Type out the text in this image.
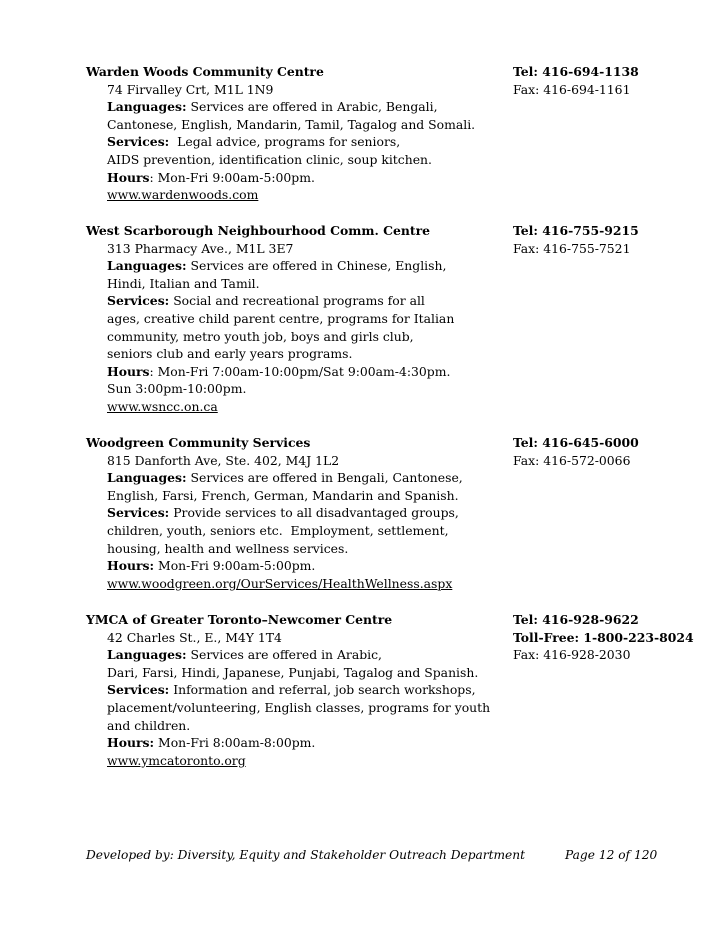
Warden Woods Community Centre	Tel: 416-694-1138
74 Firvalley Crt, M1L 1N9	Fax: 416-694-1161
Languages: Services are offered in Arabic, Bengali,
Cantonese, English, Mandarin, Tamil, Tagalog and Somali.
Services:  Legal advice, programs for seniors,
AIDS prevention, identification clinic, soup kitchen.
Hours: Mon-Fri 9:00am-5:00pm.
www.wardenwoods.com
West Scarborough Neighbourhood Comm. Centre	Tel: 416-755-9215
313 Pharmacy Ave., M1L 3E7	Fax: 416-755-7521
Languages: Services are offered in Chinese, English,
Hindi, Italian and Tamil.
Services: Social and recreational programs for all
ages, creative child parent centre, programs for Italian
community, metro youth job, boys and girls club,
seniors club and early years programs.
Hours: Mon-Fri 7:00am-10:00pm/Sat 9:00am-4:30pm.
Sun 3:00pm-10:00pm.
www.wsncc.on.ca
Woodgreen Community Services	Tel: 416-645-6000
815 Danforth Ave, Ste. 402, M4J 1L2	Fax: 416-572-0066
Languages: Services are offered in Bengali, Cantonese,
English, Farsi, French, German, Mandarin and Spanish.
Services: Provide services to all disadvantaged groups,
children, youth, seniors etc.  Employment, settlement,
housing, health and wellness services.
Hours: Mon-Fri 9:00am-5:00pm.
www.woodgreen.org/OurServices/HealthWellness.aspx
YMCA of Greater Toronto–Newcomer Centre	Tel: 416-928-9622
42 Charles St., E., M4Y 1T4	Toll-Free: 1-800-223-8024
Languages: Services are offered in Arabic,	Fax: 416-928-2030
Dari, Farsi, Hindi, Japanese, Punjabi, Tagalog and Spanish.
Services: Information and referral, job search workshops,
placement/volunteering, English classes, programs for youth
and children.
Hours: Mon-Fri 8:00am-8:00pm.
www.ymcatoronto.org
Developed by: Diversity, Equity and Stakeholder Outreach Department	Page 12 of 120
